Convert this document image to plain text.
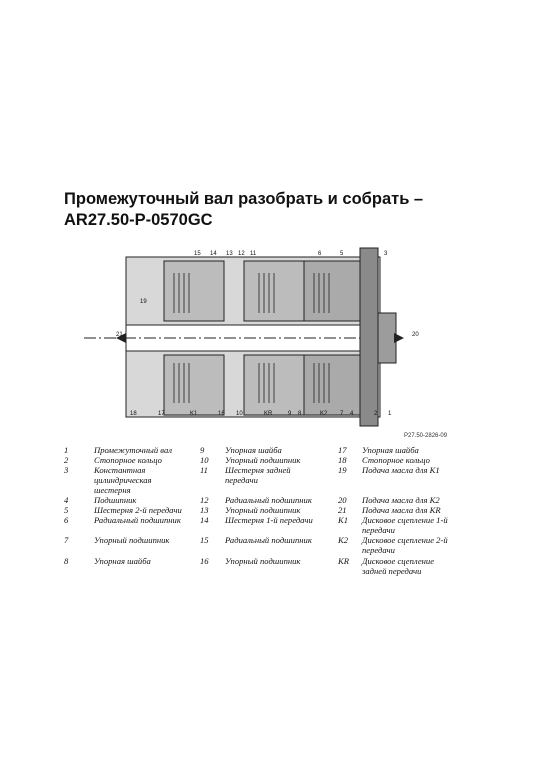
Промежуточный вал разобрать и собрать – AR27.50-P-0570GC
15 14 13 12 11	6	5	3
19
21	20
18	17	K1	16 10	KR	9 8	K2 7 4	2 1
P27.50-2826-09
1	Промежуточный вал
2	Стопорное кольцо
3	Константная цилиндрическая шестерня
4	Подшипник
5	Шестерня 2-й передачи
6	Радиальный подшипник
7	Упорный подшипник
8	Упорная шайба
9	Упорная шайба
10	Упорный подшипник
11	Шестерня задней передачи
12	Радиальный подшипник
13	Упорный подшипник
14	Шестерня 1-й передачи
15	Радиальный подшипник
16	Упорный подшипник
17	Упорная шайба
18	Стопорное кольцо
19	Подача масла для K1
20	Подача масла для K2
21	Подача масла для KR
K1	Дисковое сцепление 1-й передачи
K2	Дисковое сцепление 2-й передачи
KR	Дисковое сцепление задней передачи
